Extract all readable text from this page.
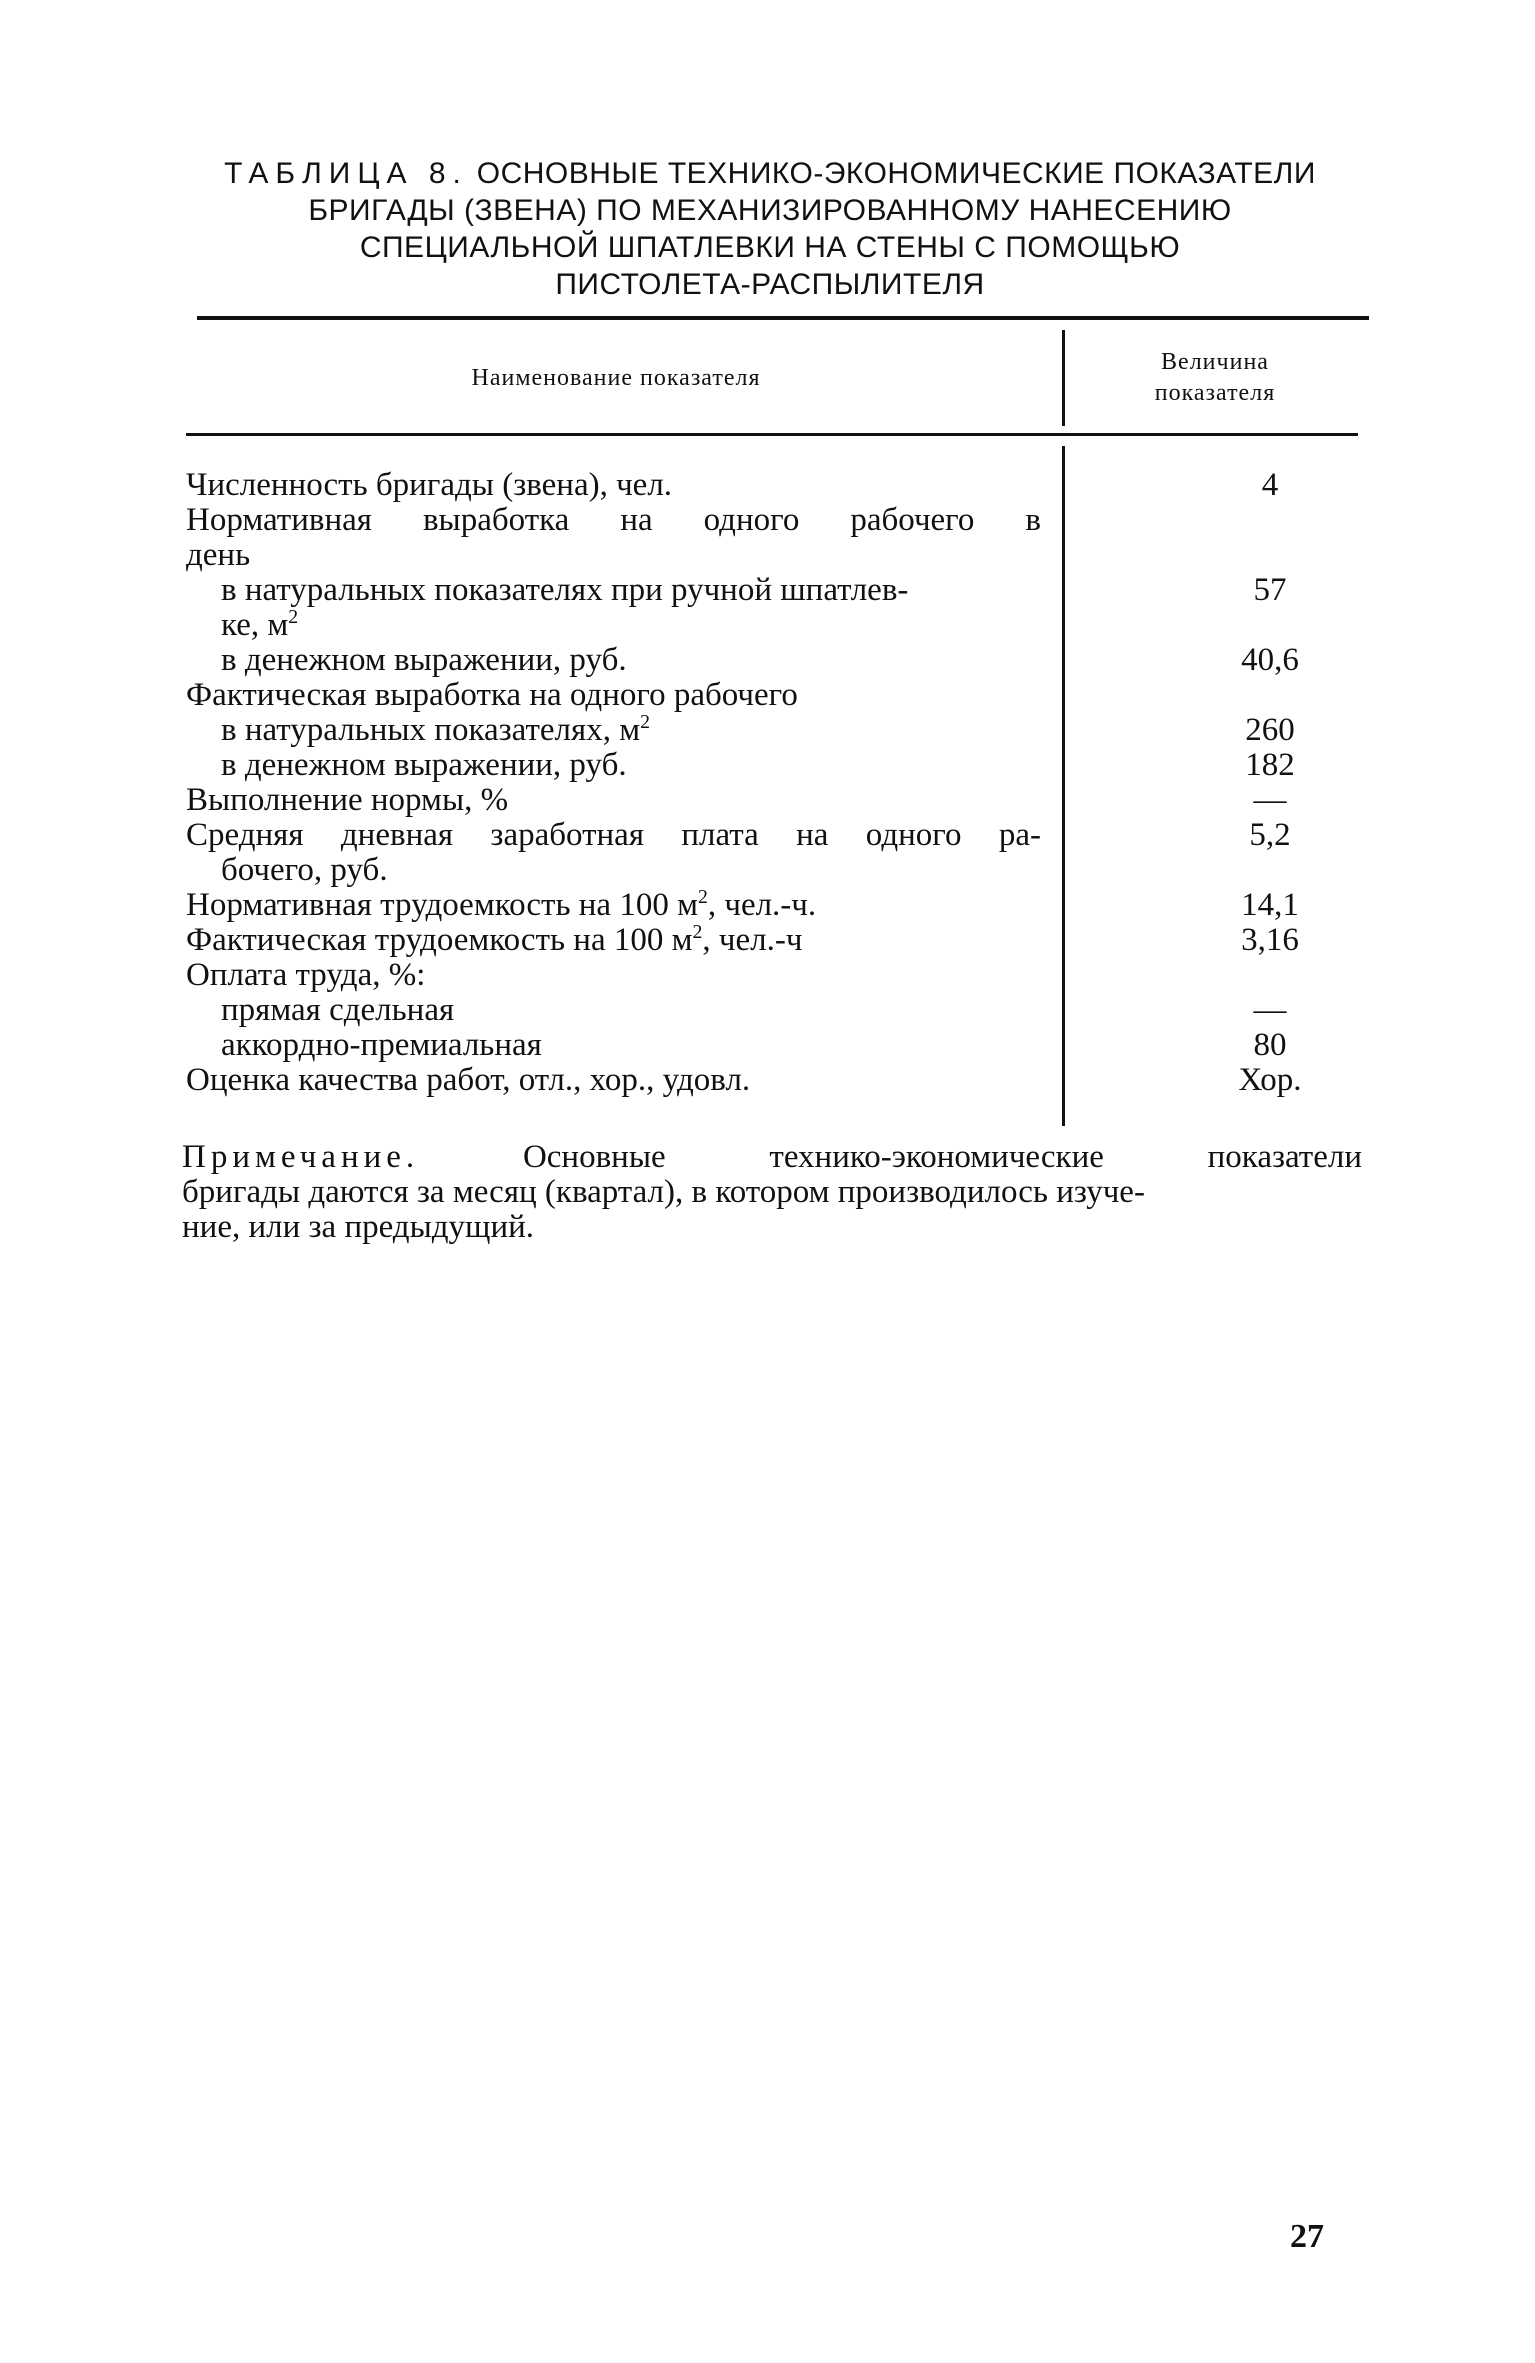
ТАБЛИЦА 8. ОСНОВНЫЕ ТЕХНИКО-ЭКОНОМИЧЕСКИЕ ПОКАЗАТЕЛИ
БРИГАДЫ (ЗВЕНА) ПО МЕХАНИЗИРОВАННОМУ НАНЕСЕНИЮ
СПЕЦИАЛЬНОЙ ШПАТЛЕВКИ НА СТЕНЫ С ПОМОЩЬЮ
ПИСТОЛЕТА-РАСПЫЛИТЕЛЯ
Наименование показателя
Величина
показателя
Численность бригады (звена), чел.	4
Нормативная выработка на одного рабочего в
день
в натуральных показателях при ручной шпатлев-	57
ке, $м^2$
в денежном выражении, руб.	40,6
Фактическая выработка на одного рабочего
в натуральных показателях, $м^2$	260
в денежном выражении, руб.	182
Выполнение нормы, %	—
Средняя дневная заработная плата на одного ра-	5,2
бочего, руб.
Нормативная трудоемкость на 100 $м^2$, чел.-ч.	14,1
Фактическая трудоемкость на 100 $м^2$, чел.-ч	3,16
Оплата труда, %:
прямая сдельная	—
аккордно-премиальная	80
Оценка качества работ, отл., хор., удовл.	Хор.
Примечание.	Основные технико-экономические показатели
бригады даются за месяц (квартал), в котором производилось изуче-
ние, или за предыдущий.
27
